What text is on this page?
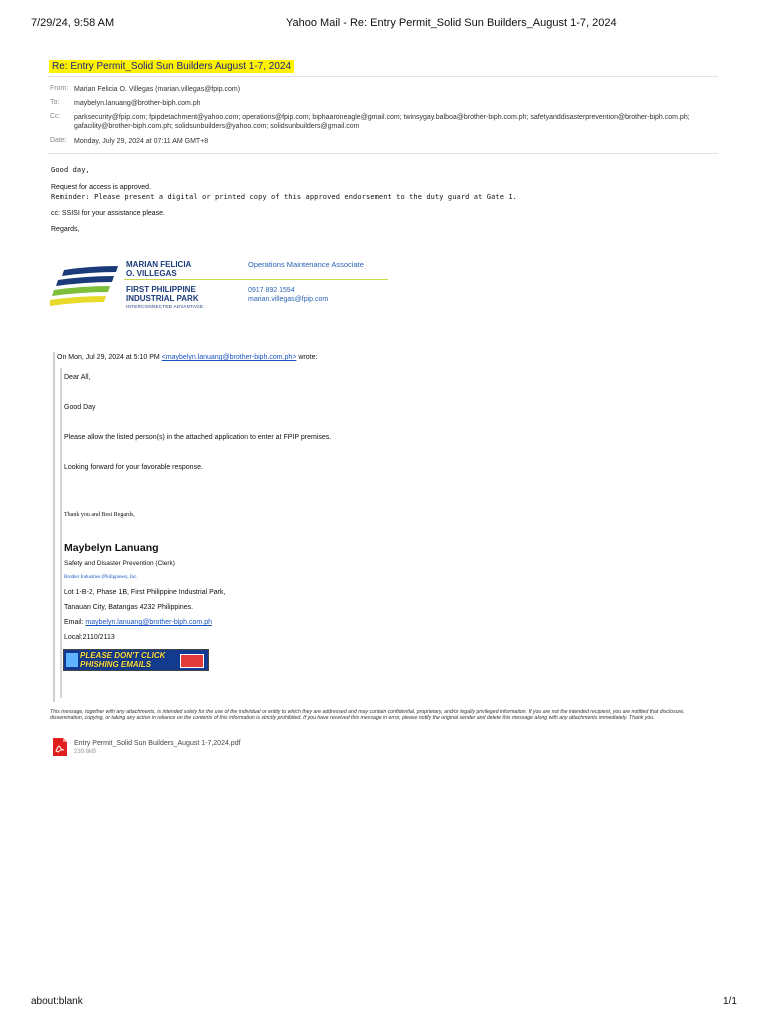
7/29/24, 9:58 AM	Yahoo Mail - Re: Entry Permit_Solid Sun Builders_August 1-7, 2024
Re: Entry Permit_Solid Sun Builders August 1-7, 2024
From: Marian Felicia O. Villegas (marian.villegas@fpip.com)
To: maybelyn.lanuang@brother-biph.com.ph
Cc: parksecurity@fpip.com; fpipdetachment@yahoo.com; operations@fpip.com; biphaaroneagle@gmail.com; twinsygay.balboa@brother-biph.com.ph; safetyanddisasterprevention@brother-biph.com.ph; gafacility@brother-biph.com.ph; solidsunbuilders@yahoo.com; solidsunbuilders@gmail.com
Date: Monday, July 29, 2024 at 07:11 AM GMT+8
Good day,
Request for access is approved.
Reminder: Please present a digital or printed copy of this approved endorsement to the duty guard at Gate 1.
cc: SSISI for your assistance please.
Regards,
MARIAN FELICIA
O. VILLEGAS
FIRST PHILIPPINE
INDUSTRIAL PARK
INTERCONNECTED ADVANTAGE
Operations Maintenance Associate
0917 892 1554
marian.villegas@fpip.com
On Mon, Jul 29, 2024 at 5:10 PM <maybelyn.lanuang@brother-biph.com.ph> wrote:
Dear All,
Good Day
Please allow the listed person(s) in the attached application to enter at FPIP premises.
Looking forward for your favorable response.
Thank you and Best Regards,
Maybelyn Lanuang
Safety and Disaster Prevention (Clerk)
Brother Industries (Philippines), Inc.
Lot 1-B-2, Phase 1B, First Philippine Industrial Park,
Tanauan City, Batangas 4232 Philippines.
Email: maybelyn.lanuang@brother-biph.com.ph
Local:2110/2113
PLEASE DON'T CLICK
PHISHING EMAILS
This message, together with any attachments, is intended solely for the use of the individual or entity to which they are addressed and may contain confidential, proprietary, and/or legally privileged information. If you are not the intended recipient, you are notified that disclosure, dissemination, copying, or taking any action in reliance on the contents of this information is strictly prohibited. If you have received this message in error, please notify the original sender and delete this message along with any attachments immediately. Thank you.
Entry Permit_Solid Sun Builders_August 1-7,2024.pdf
239.8kB
about:blank	1/1
